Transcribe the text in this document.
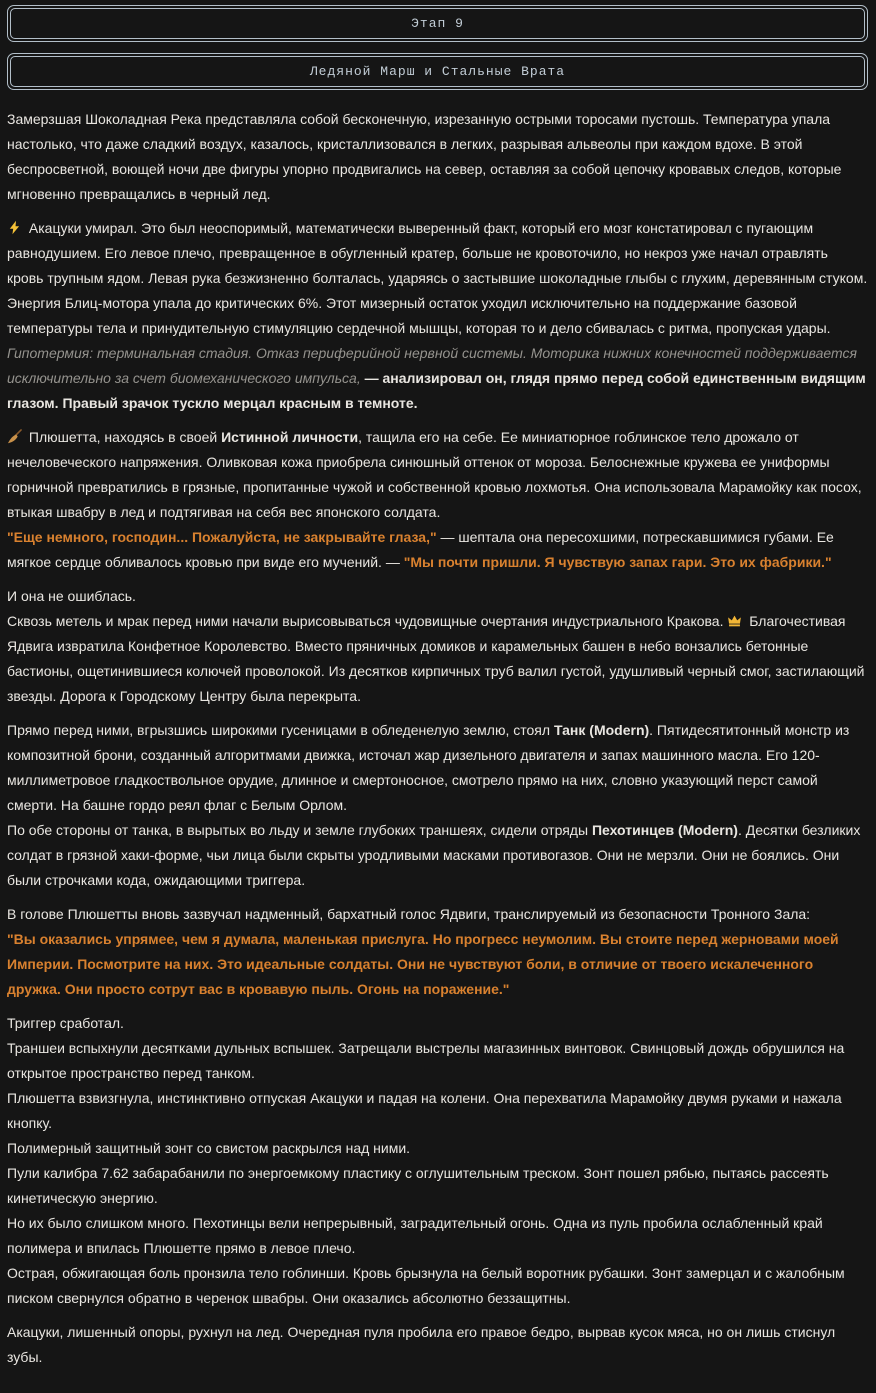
Этап 9
Ледяной Марш и Стальные Врата
Замерзшая Шоколадная Река представляла собой бесконечную, изрезанную острыми торосами пустошь. Температура упала настолько, что даже сладкий воздух, казалось, кристаллизовался в легких, разрывая альвеолы при каждом вдохе. В этой беспросветной, воющей ночи две фигуры упорно продвигались на север, оставляя за собой цепочку кровавых следов, которые мгновенно превращались в черный лед.
Акацуки умирал. Это был неоспоримый, математически выверенный факт, который его мозг констатировал с пугающим равнодушием. Его левое плечо, превращенное в обугленный кратер, больше не кровоточило, но некроз уже начал отравлять кровь трупным ядом. Левая рука безжизненно болталась, ударяясь о застывшие шоколадные глыбы с глухим, деревянным стуком. Энергия Блиц-мотора упала до критических 6%. Этот мизерный остаток уходил исключительно на поддержание базовой температуры тела и принудительную стимуляцию сердечной мышцы, которая то и дело сбивалась с ритма, пропуская удары.
Гипотермия: терминальная стадия. Отказ периферийной нервной системы. Моторика нижних конечностей поддерживается исключительно за счет биомеханического импульса, — анализировал он, глядя прямо перед собой единственным видящим глазом. Правый зрачок тускло мерцал красным в темноте.
Плюшетта, находясь в своей Истинной личности, тащила его на себе. Ее миниатюрное гоблинское тело дрожало от нечеловеческого напряжения. Оливковая кожа приобрела синюшный оттенок от мороза. Белоснежные кружева ее униформы горничной превратились в грязные, пропитанные чужой и собственной кровью лохмотья. Она использовала Марамойку как посох, втыкая швабру в лед и подтягивая на себя вес японского солдата.
"Еще немного, господин... Пожалуйста, не закрывайте глаза," — шептала она пересохшими, потрескавшимися губами. Ее мягкое сердце обливалось кровью при виде его мучений. — "Мы почти пришли. Я чувствую запах гари. Это их фабрики."
И она не ошиблась.
Сквозь метель и мрак перед ними начали вырисовываться чудовищные очертания индустриального Кракова.
Благочестивая Ядвига извратила Конфетное Королевство. Вместо пряничных домиков и карамельных башен в небо вонзались бетонные бастионы, ощетинившиеся колючей проволокой. Из десятков кирпичных труб валил густой, удушливый черный смог, застилающий звезды. Дорога к Городскому Центру была перекрыта.
Прямо перед ними, вгрызшись широкими гусеницами в обледенелую землю, стоял Танк (Modern). Пятидесятитонный монстр из композитной брони, созданный алгоритмами движка, источал жар дизельного двигателя и запах машинного масла. Его 120-миллиметровое гладкоствольное орудие, длинное и смертоносное, смотрело прямо на них, словно указующий перст самой смерти. На башне гордо реял флаг с Белым Орлом.
По обе стороны от танка, в вырытых во льду и земле глубоких траншеях, сидели отряды Пехотинцев (Modern). Десятки безликих солдат в грязной хаки-форме, чьи лица были скрыты уродливыми масками противогазов. Они не мерзли. Они не боялись. Они были строчками кода, ожидающими триггера.
В голове Плюшетты вновь зазвучал надменный, бархатный голос Ядвиги, транслируемый из безопасности Тронного Зала:
"Вы оказались упрямее, чем я думала, маленькая прислуга. Но прогресс неумолим. Вы стоите перед жерновами моей Империи. Посмотрите на них. Это идеальные солдаты. Они не чувствуют боли, в отличие от твоего искалеченного дружка. Они просто сотрут вас в кровавую пыль. Огонь на поражение."
Триггер сработал.
Траншеи вспыхнули десятками дульных вспышек. Затрещали выстрелы магазинных винтовок. Свинцовый дождь обрушился на открытое пространство перед танком.
Плюшетта взвизгнула, инстинктивно отпуская Акацуки и падая на колени. Она перехватила Марамойку двумя руками и нажала кнопку.
Полимерный защитный зонт со свистом раскрылся над ними.
Пули калибра 7.62 забарабанили по энергоемкому пластику с оглушительным треском. Зонт пошел рябью, пытаясь рассеять кинетическую энергию.
Но их было слишком много. Пехотинцы вели непрерывный, заградительный огонь. Одна из пуль пробила ослабленный край полимера и впилась Плюшетте прямо в левое плечо.
Острая, обжигающая боль пронзила тело гоблинши. Кровь брызнула на белый воротник рубашки. Зонт замерцал и с жалобным писком свернулся обратно в черенок швабры. Они оказались абсолютно беззащитны.
Акацуки, лишенный опоры, рухнул на лед. Очередная пуля пробила его правое бедро, вырвав кусок мяса, но он лишь стиснул зубы.
